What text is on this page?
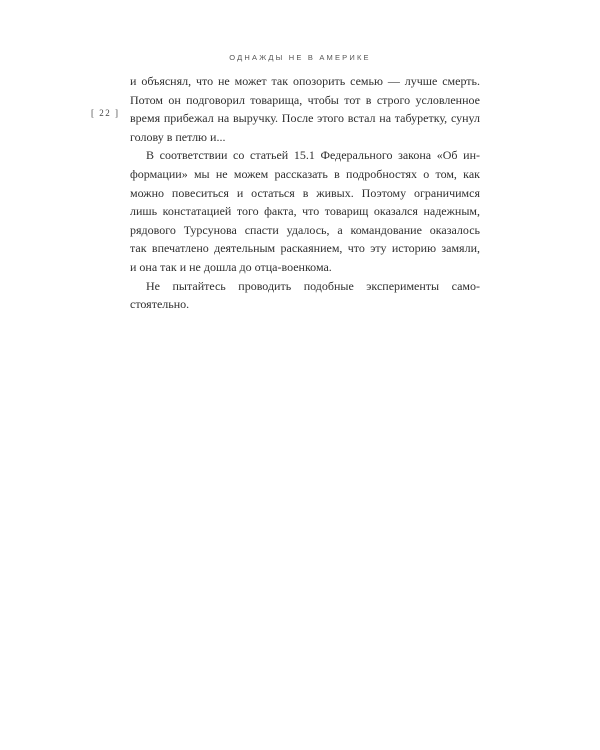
ОДНАЖДЫ НЕ В АМЕРИКЕ
[ 22 ]
и объяснял, что не может так опозорить семью — лучше смерть.
Потом он подговорил товарища, чтобы тот в строго условленное
время прибежал на выручку. После этого встал на табуретку, сунул
голову в петлю и...
В соответствии со статьей 15.1 Федерального закона «Об ин-
формации» мы не можем рассказать в подробностях о том, как
можно повеситься и остаться в живых. Поэтому ограничимся
лишь констатацией того факта, что товарищ оказался надежным,
рядового Турсунова спасти удалось, а командование оказалось
так впечатлено деятельным раскаянием, что эту историю замяли,
и она так и не дошла до отца-военкома.
Не пытайтесь проводить подобные эксперименты само-
стоятельно.
